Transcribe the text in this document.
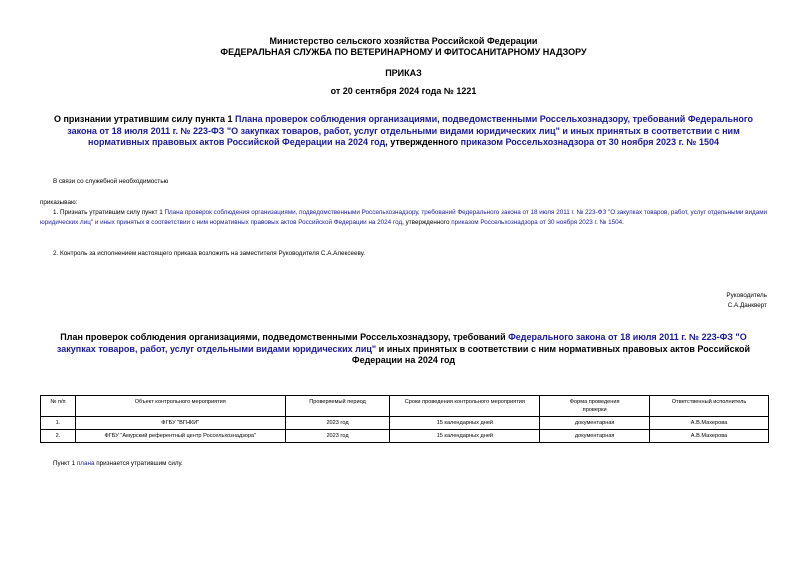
Министерство сельского хозяйства Российской Федерации
ФЕДЕРАЛЬНАЯ СЛУЖБА ПО ВЕТЕРИНАРНОМУ И ФИТОСАНИТАРНОМУ НАДЗОРУ
ПРИКАЗ
от 20 сентября 2024 года № 1221
О признании утратившим силу пункта 1 Плана проверок соблюдения организациями, подведомственными Россельхознадзору, требований Федерального закона от 18 июля 2011 г. № 223-ФЗ "О закупках товаров, работ, услуг отдельными видами юридических лиц" и иных принятых в соответствии с ним нормативных правовых актов Российской Федерации на 2024 год, утвержденного приказом Россельхознадзора от 30 ноября 2023 г. № 1504
В связи со служебной необходимостью
приказываю:
1. Признать утратившим силу пункт 1 Плана проверок соблюдения организациями, подведомственными Россельхознадзору, требований Федерального закона от 18 июля 2011 г. № 223-ФЗ "О закупках товаров, работ, услуг отдельными видами юридических лиц" и иных принятых в соответствии с ним нормативных правовых актов Российской Федерации на 2024 год, утвержденного приказом Россельхознадзора от 30 ноября 2023 г. № 1504.
2. Контроль за исполнением настоящего приказа возложить на заместителя Руководителя С.А.Алексееву.
Руководитель
С.А.Данкверт
План проверок соблюдения организациями, подведомственными Россельхознадзору, требований Федерального закона от 18 июля 2011 г. № 223-ФЗ "О закупках товаров, работ, услуг отдельными видами юридических лиц" и иных принятых в соответствии с ним нормативных правовых актов Российской Федерации на 2024 год
№ п/п	Объект контрольного мероприятия	Проверяемый период	Сроки проведения контрольного мероприятия	Форма проведения проверки	Ответственный исполнитель
1.	ФГБУ "ВГНКИ"	2023 год	15 календарных дней	документарная	А.В.Махерова
2.	ФГБУ "Амурский референтный центр Россельхознадзора"	2023 год	15 календарных дней	документарная	А.В.Махерова
Пункт 1 плана признается утратившим силу.
